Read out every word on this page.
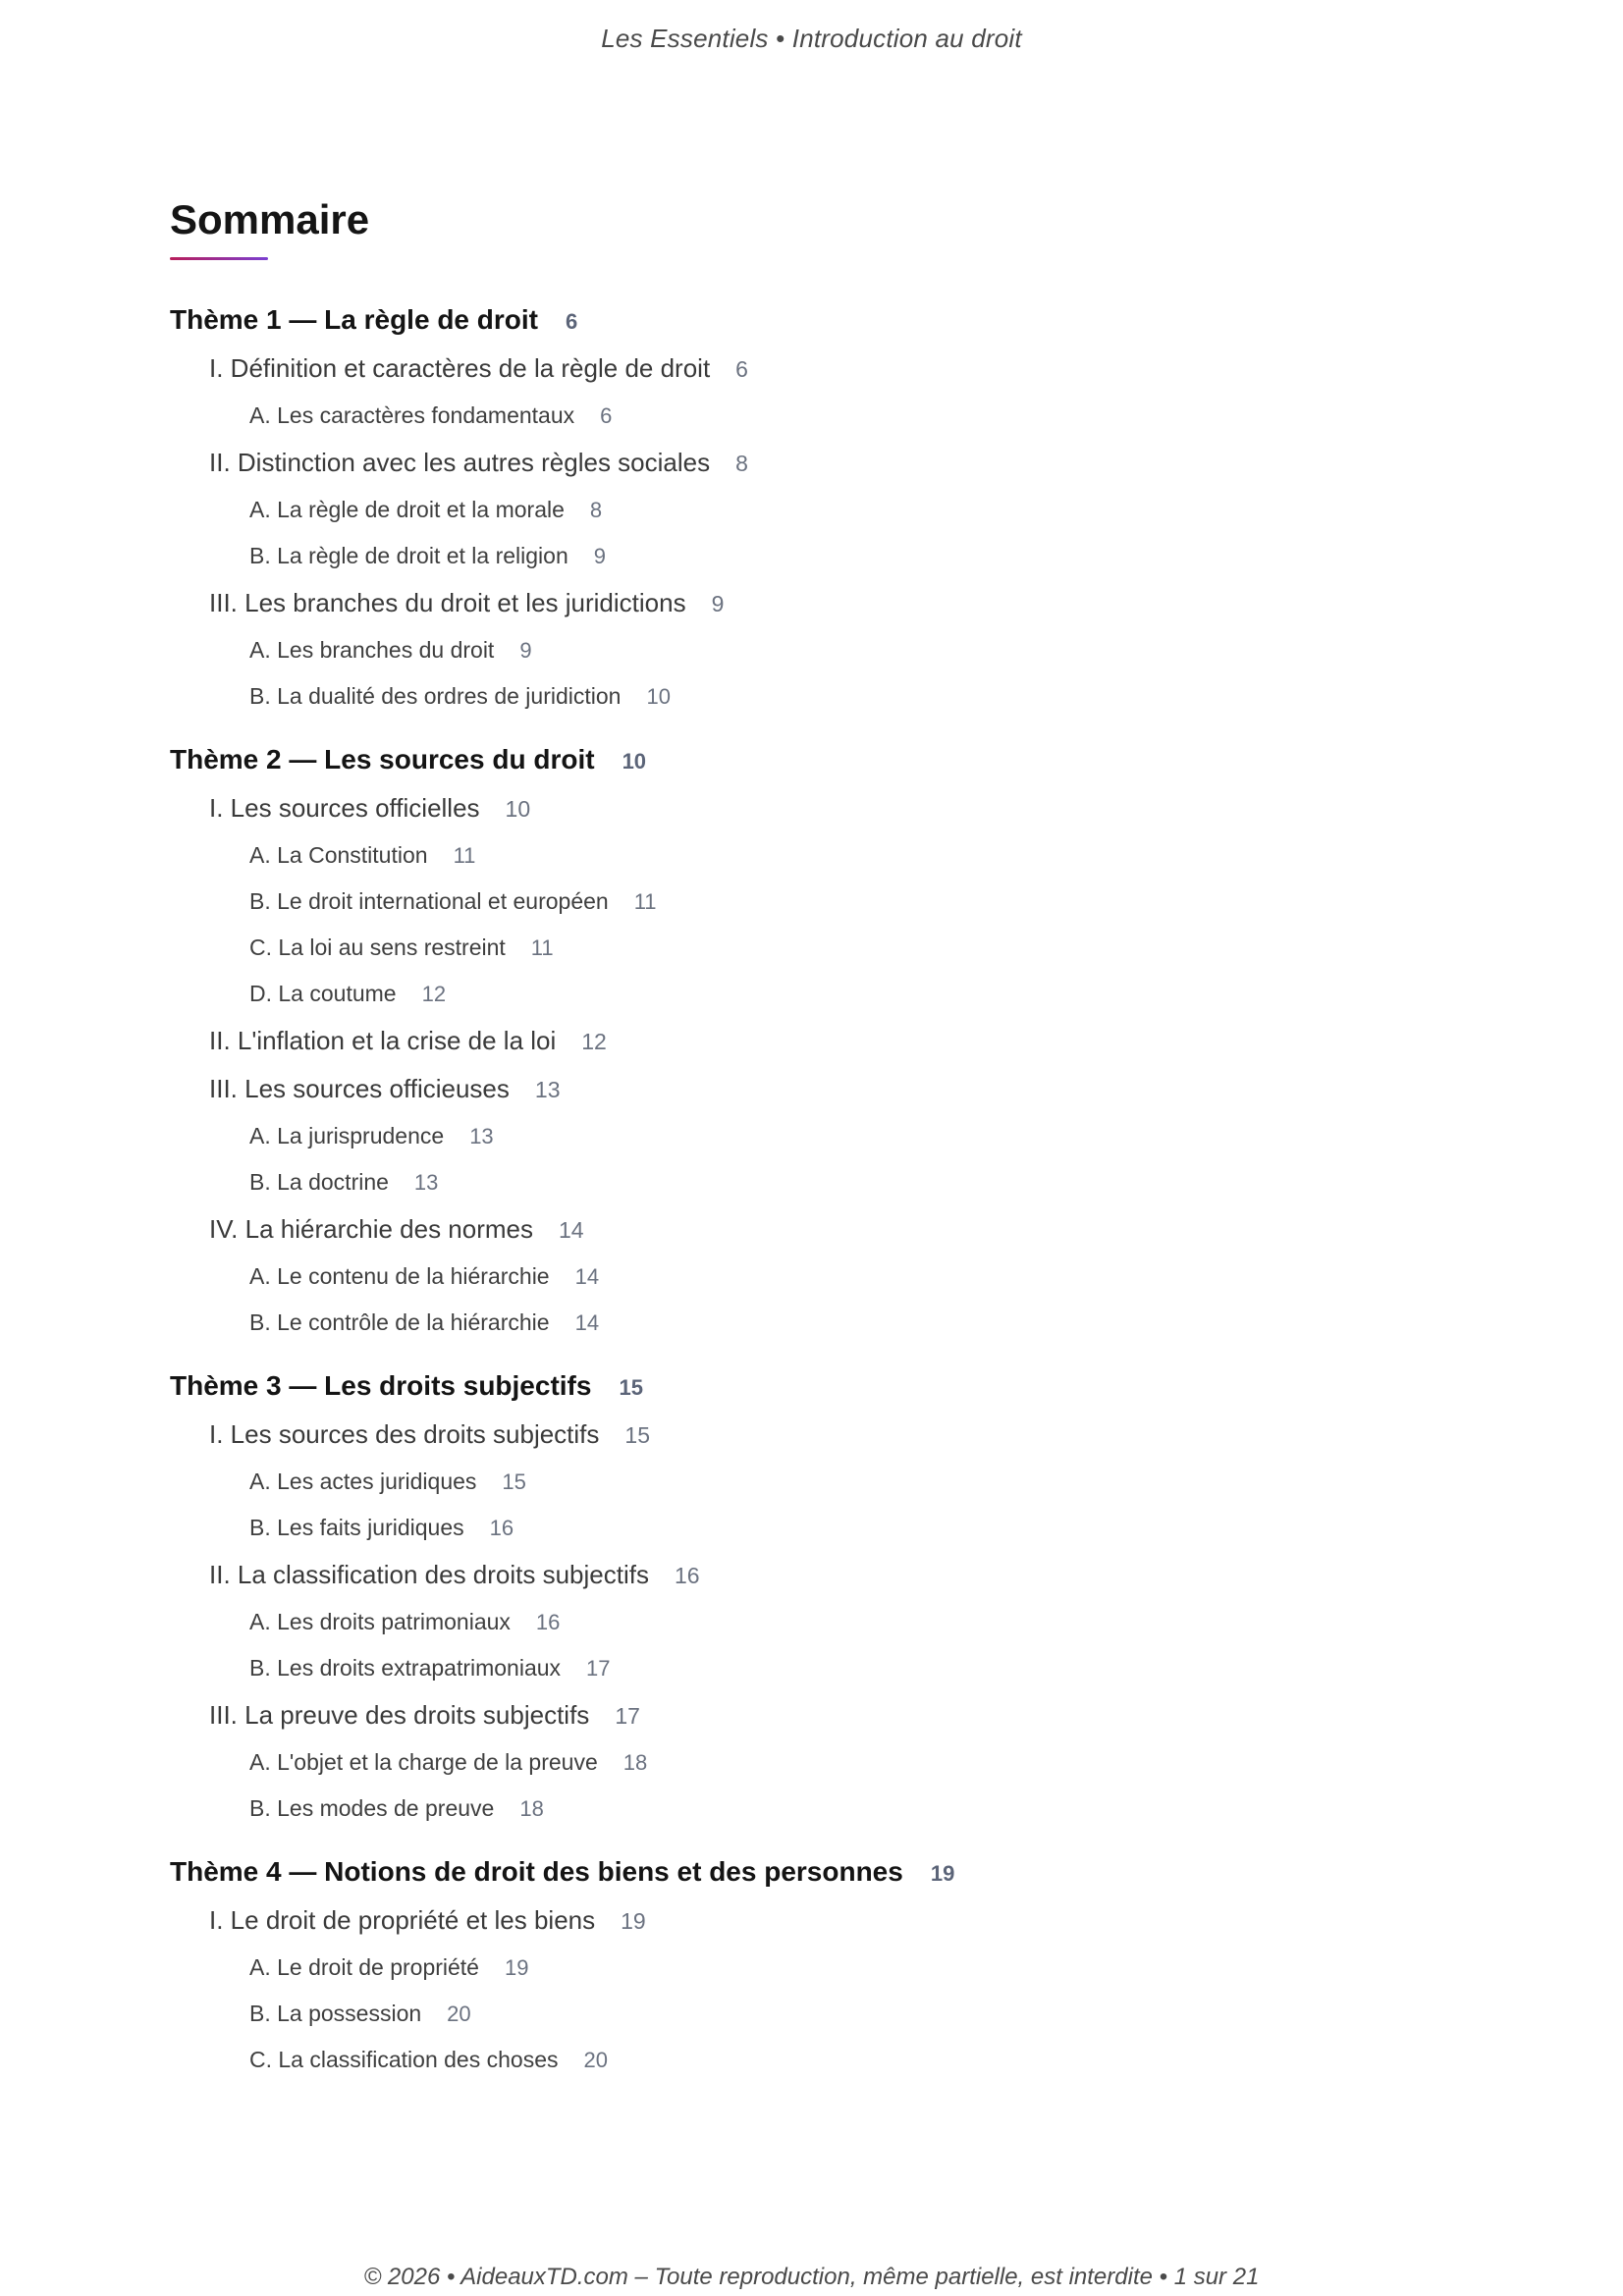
Les Essentiels • Introduction au droit
Sommaire
Thème 1 — La règle de droit 6
I. Définition et caractères de la règle de droit 6
A. Les caractères fondamentaux 6
II. Distinction avec les autres règles sociales 8
A. La règle de droit et la morale 8
B. La règle de droit et la religion 9
III. Les branches du droit et les juridictions 9
A. Les branches du droit 9
B. La dualité des ordres de juridiction 10
Thème 2 — Les sources du droit 10
I. Les sources officielles 10
A. La Constitution 11
B. Le droit international et européen 11
C. La loi au sens restreint 11
D. La coutume 12
II. L'inflation et la crise de la loi 12
III. Les sources officieuses 13
A. La jurisprudence 13
B. La doctrine 13
IV. La hiérarchie des normes 14
A. Le contenu de la hiérarchie 14
B. Le contrôle de la hiérarchie 14
Thème 3 — Les droits subjectifs 15
I. Les sources des droits subjectifs 15
A. Les actes juridiques 15
B. Les faits juridiques 16
II. La classification des droits subjectifs 16
A. Les droits patrimoniaux 16
B. Les droits extrapatrimoniaux 17
III. La preuve des droits subjectifs 17
A. L'objet et la charge de la preuve 18
B. Les modes de preuve 18
Thème 4 — Notions de droit des biens et des personnes 19
I. Le droit de propriété et les biens 19
A. Le droit de propriété 19
B. La possession 20
C. La classification des choses 20
© 2026 • AideauxTD.com – Toute reproduction, même partielle, est interdite • 1 sur 21
